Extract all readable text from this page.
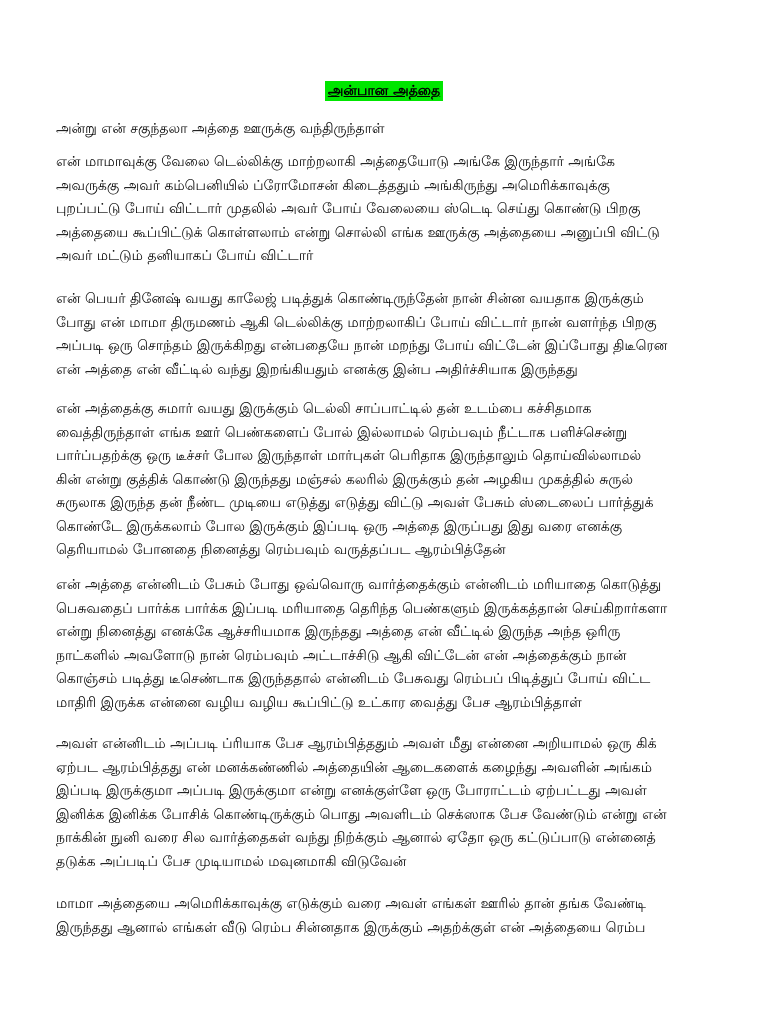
அன்பான அத்தை
அன்று என் சகுந்தலா அத்தை ஊருக்கு வந்திருந்தாள்
என் மாமாவுக்கு வேலை டெல்லிக்கு மாற்றலாகி அத்தையோடு அங்கே இருந்தார் அங்கே
அவருக்கு அவர் கம்பெனியில் ப்ரோமோசன் கிடைத்ததும் அங்கிருந்து அமெரிக்காவுக்கு
புறப்பட்டு போய் விட்டார் முதலில் அவர் போய் வேலையை ஸ்டெடி செய்து கொண்டு பிறகு
அத்தையை கூப்பிட்டுக் கொள்ளலாம் என்று சொல்லி எங்க ஊருக்கு அத்தையை அனுப்பி விட்டு
அவர் மட்டும் தனியாகப் போய் விட்டார்
என் பெயர் தினேஷ் வயது காலேஜ் படித்துக் கொண்டிருந்தேன் நான் சின்ன வயதாக இருக்கும்
போது என் மாமா திருமணம் ஆகி டெல்லிக்கு மாற்றலாகிப் போய் விட்டார் நான் வளர்ந்த பிறகு
அப்படி ஒரு சொந்தம் இருக்கிறது என்பதையே நான் மறந்து போய் விட்டேன் இப்போது திடீரென
என் அத்தை என் வீட்டில் வந்து இறங்கியதும் எனக்கு இன்ப அதிர்ச்சியாக இருந்தது
என் அத்தைக்கு சுமார் வயது இருக்கும் டெல்லி சாப்பாட்டில் தன் உடம்பை கச்சிதமாக
வைத்திருந்தாள் எங்க ஊர் பெண்களைப் போல் இல்லாமல் ரெம்பவும் நீட்டாக பளிச்சென்று
பார்ப்பதற்க்கு ஒரு டீச்சர் போல இருந்தாள் மார்புகள் பெரிதாக இருந்தாலும் தொய்வில்லாமல்
கின் என்று குத்திக் கொண்டு இருந்தது மஞ்சல் கலரில் இருக்கும் தன் அழகிய முகத்தில் சுருல்
சுருலாக இருந்த தன் நீண்ட முடியை எடுத்து எடுத்து விட்டு அவள் பேசும் ஸ்டைலைப் பார்த்துக்
கொண்டே இருக்கலாம் போல இருக்கும் இப்படி ஒரு அத்தை இருப்பது இது வரை எனக்கு
தெரியாமல் போனதை நினைத்து ரெம்பவும் வருத்தப்பட ஆரம்பித்தேன்
என் அத்தை என்னிடம் பேசும் போது ஒவ்வொரு வார்த்தைக்கும் என்னிடம் மரியாதை கொடுத்து
பெசுவதைப் பார்க்க பார்க்க இப்படி மரியாதை தெரிந்த பெண்களும் இருக்கத்தான் செய்கிறார்களா
என்று நினைத்து எனக்கே ஆச்சரியமாக இருந்தது அத்தை என் வீட்டில் இருந்த அந்த ஒரிரு
நாட்களில் அவளோடு நான் ரெம்பவும் அட்டாச்சிடு ஆகி விட்டேன் என் அத்தைக்கும் நான்
கொஞ்சம் படித்து டீசெண்டாக இருந்ததால் என்னிடம் பேசுவது ரெம்பப் பிடித்துப் போய் விட்ட
மாதிரி இருக்க என்னை வழிய வழிய கூப்பிட்டு உட்கார வைத்து பேச ஆரம்பித்தாள்
அவள் என்னிடம் அப்படி ப்ரியாக பேச ஆரம்பித்ததும் அவள் மீது என்னை அறியாமல் ஒரு கிக்
ஏற்பட ஆரம்பித்தது என் மனக்கண்ணில் அத்தையின் ஆடைகளைக் கழைந்து அவளின் அங்கம்
இப்படி இருக்குமா அப்படி இருக்குமா என்று எனக்குள்ளே ஒரு போராட்டம் ஏற்பட்டது அவள்
இனிக்க இனிக்க போசிக் கொண்டிருக்கும் பொது அவளிடம் செக்ஸாக பேச வேண்டும் என்று என்
நாக்கின் நுனி வரை சில வார்த்தைகள் வந்து நிற்க்கும் ஆனால் ஏதோ ஒரு கட்டுப்பாடு என்னைத்
தடுக்க அப்படிப் பேச முடியாமல் மவுனமாகி விடுவேன்
மாமா அத்தையை அமெரிக்காவுக்கு எடுக்கும் வரை அவள் எங்கள் ஊரில் தான் தங்க வேண்டி
இருந்தது ஆனால் எங்கள் வீடு ரெம்ப சின்னதாக இருக்கும் அதற்க்குள் என் அத்தையை ரெம்ப
